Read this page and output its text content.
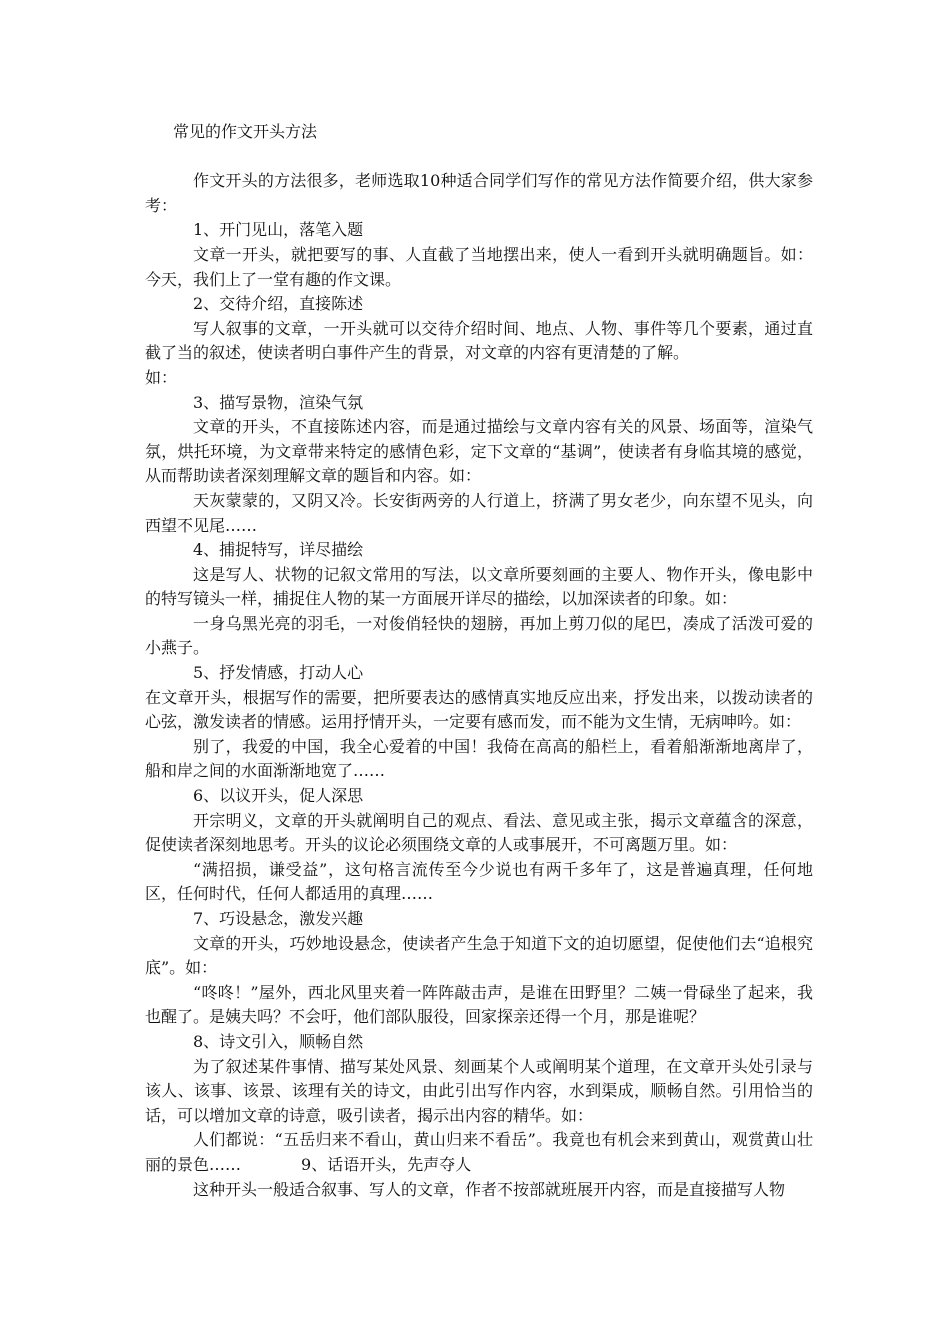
常见的作文开头方法

作文开头的方法很多，老师选取10种适合同学们写作的常见方法作简要介绍，供大家参考：

1、开门见山，落笔入题

文章一开头，就把要写的事、人直截了当地摆出来，使人一看到开头就明确题旨。如：今天，我们上了一堂有趣的作文课。

2、交待介绍，直接陈述

写人叙事的文章，一开头就可以交待介绍时间、地点、人物、事件等几个要素，通过直截了当的叙述，使读者明白事件产生的背景，对文章的内容有更清楚的了解。

如：

3、描写景物，渲染气氛

文章的开头，不直接陈述内容，而是通过描绘与文章内容有关的风景、场面等，渲染气氛，烘托环境，为文章带来特定的感情色彩，定下文章的“基调”，使读者有身临其境的感觉，从而帮助读者深刻理解文章的题旨和内容。如：

天灰蒙蒙的，又阴又冷。长安街两旁的人行道上，挤满了男女老少，向东望不见头，向西望不见尾……

4、捕捉特写，详尽描绘

这是写人、状物的记叙文常用的写法，以文章所要刻画的主要人、物作开头，像电影中的特写镜头一样，捕捉住人物的某一方面展开详尽的描绘，以加深读者的印象。如：

一身乌黑光亮的羽毛，一对俊俏轻快的翅膀，再加上剪刀似的尾巴，凑成了活泼可爱的小燕子。

5、抒发情感，打动人心

在文章开头，根据写作的需要，把所要表达的感情真实地反应出来，抒发出来，以拨动读者的心弦，激发读者的情感。运用抒情开头，一定要有感而发，而不能为文生情，无病呻吟。如：

别了，我爱的中国，我全心爱着的中国！我倚在高高的船栏上，看着船渐渐地离岸了，船和岸之间的水面渐渐地宽了……

6、以议开头，促人深思

开宗明义，文章的开头就阐明自己的观点、看法、意见或主张，揭示文章蕴含的深意，促使读者深刻地思考。开头的议论必须围绕文章的人或事展开，不可离题万里。如：

“满招损，谦受益”，这句格言流传至今少说也有两千多年了，这是普遍真理，任何地区，任何时代，任何人都适用的真理……

7、巧设悬念，激发兴趣

文章的开头，巧妙地设悬念，使读者产生急于知道下文的迫切愿望，促使他们去“追根究底”。如：

“咚咚！”屋外，西北风里夹着一阵阵敲击声，是谁在田野里？二姨一骨碌坐了起来，我也醒了。是姨夫吗？不会吁，他们部队服役，回家探亲还得一个月，那是谁呢？

8、诗文引入，顺畅自然

为了叙述某件事情、描写某处风景、刻画某个人或阐明某个道理，在文章开头处引录与该人、该事、该景、该理有关的诗文，由此引出写作内容，水到渠成，顺畅自然。引用恰当的话，可以增加文章的诗意，吸引读者，揭示出内容的精华。如：

人们都说：“五岳归来不看山，黄山归来不看岳”。我竟也有机会来到黄山，观赏黄山壮丽的景色……	9、话语开头，先声夺人

这种开头一般适合叙事、写人的文章，作者不按部就班展开内容，而是直接描写人物
